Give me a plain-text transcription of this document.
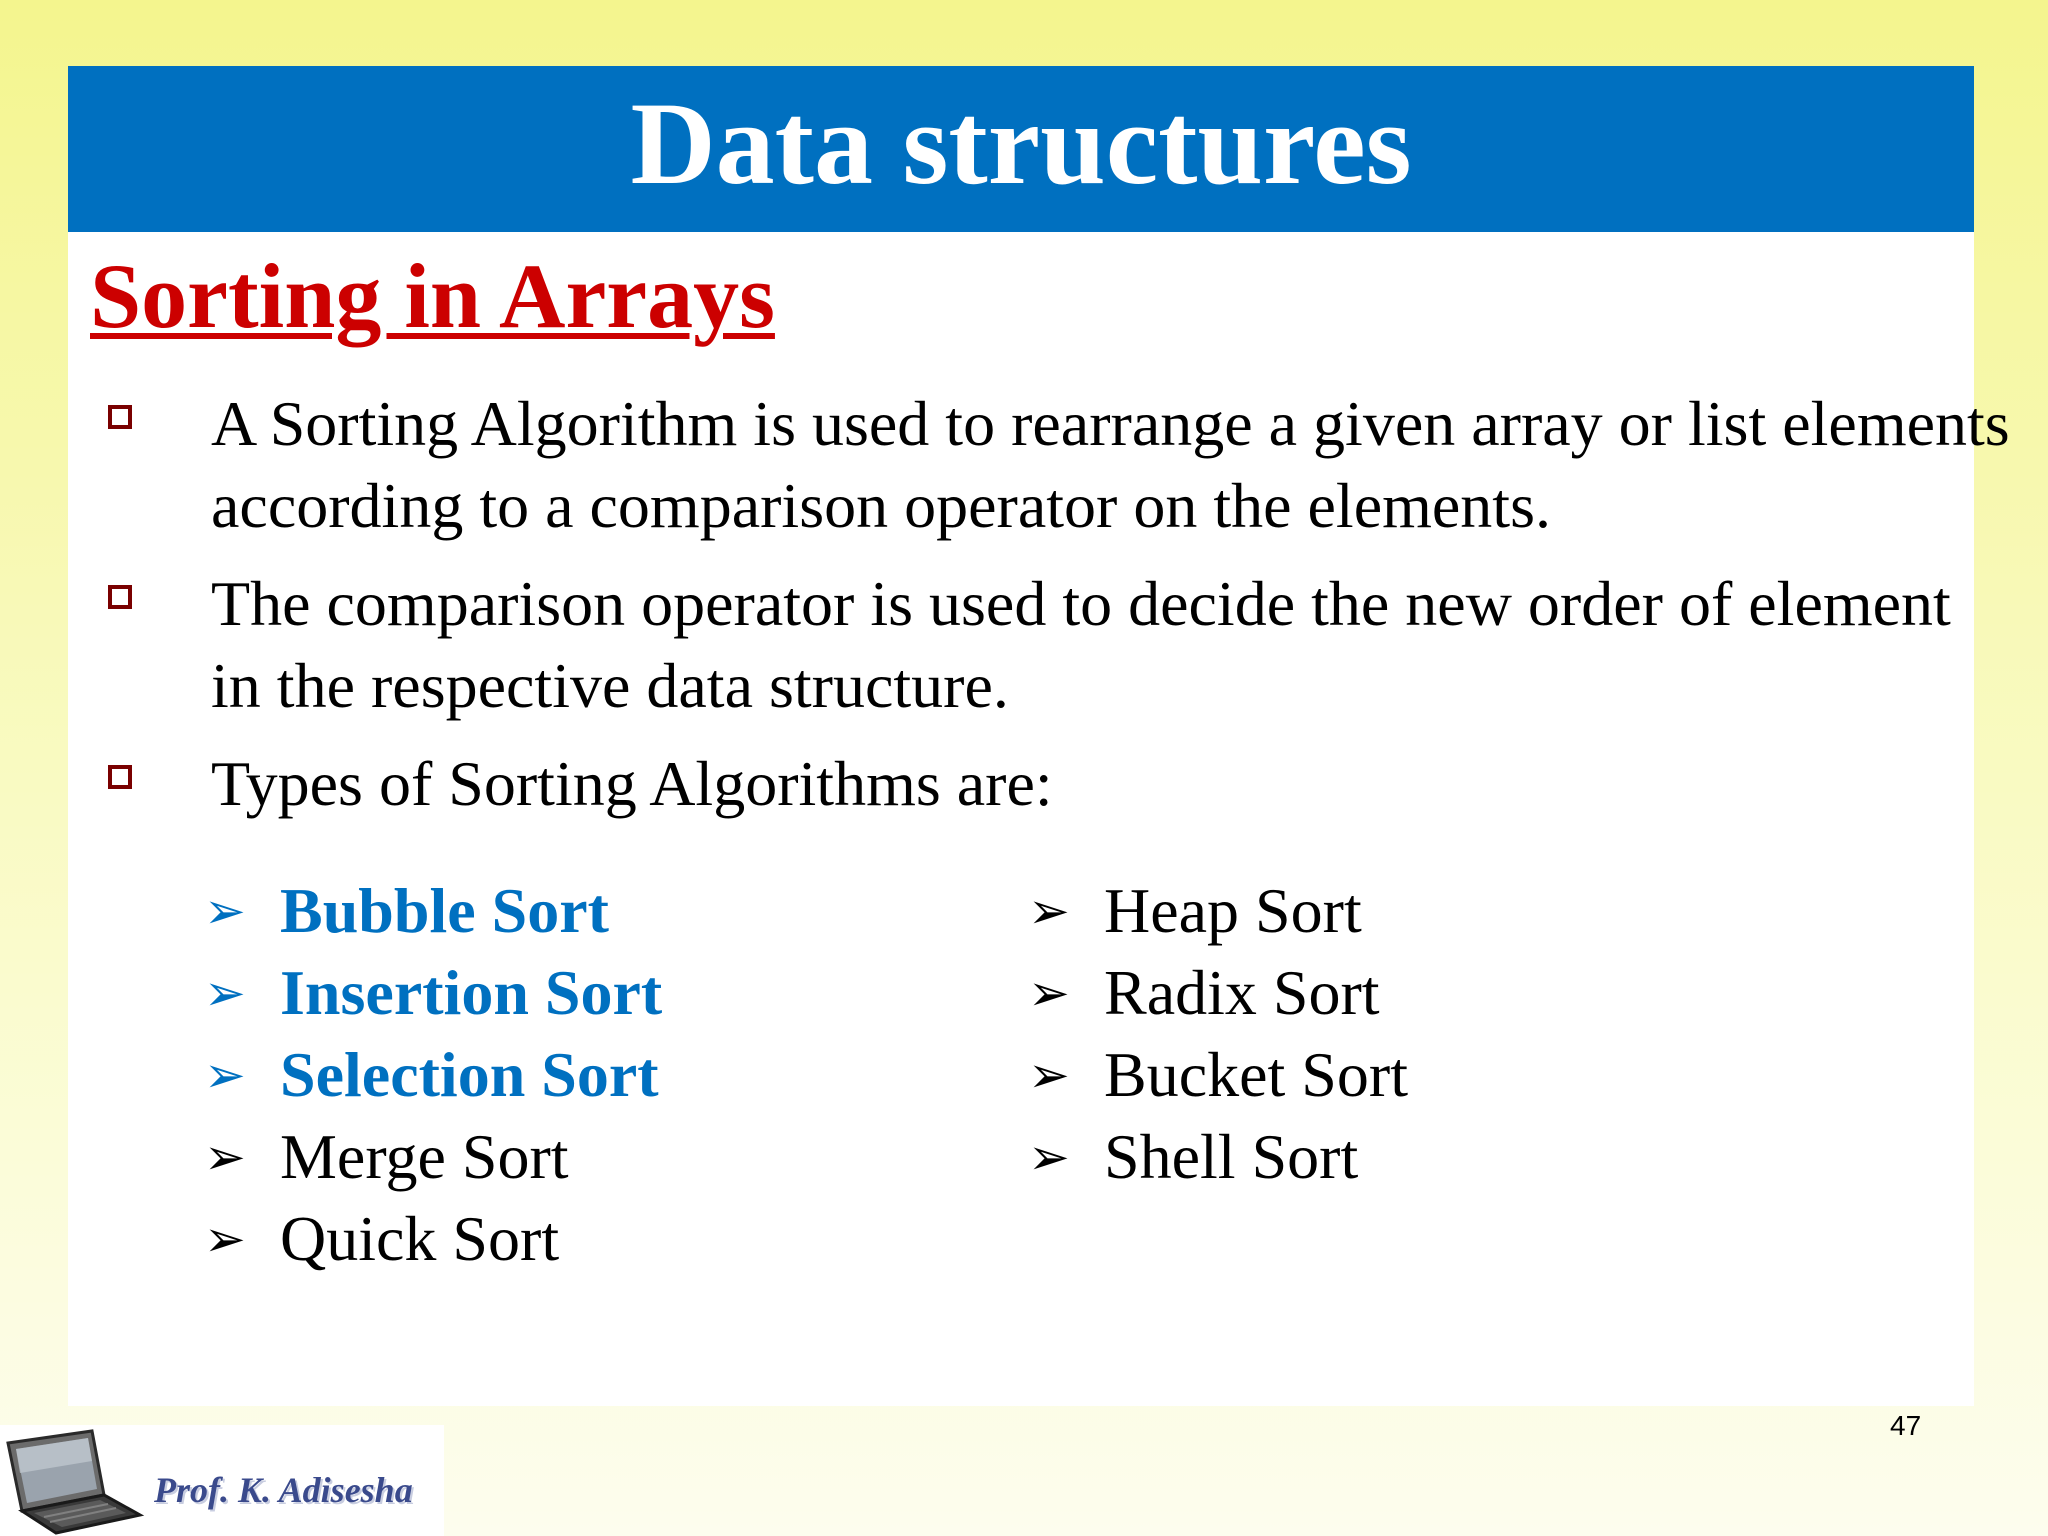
Data structures
Sorting in Arrays
A Sorting Algorithm is used to rearrange a given array or list elements according to a comparison operator on the elements.
The comparison operator is used to decide the new order of element in the respective data structure.
Types of Sorting Algorithms are:
➢ Bubble Sort
➢ Insertion Sort
➢ Selection Sort
➢ Merge Sort
➢ Quick Sort
➢ Heap Sort
➢ Radix Sort
➢ Bucket Sort
➢ Shell Sort
47
Prof. K. Adisesha
